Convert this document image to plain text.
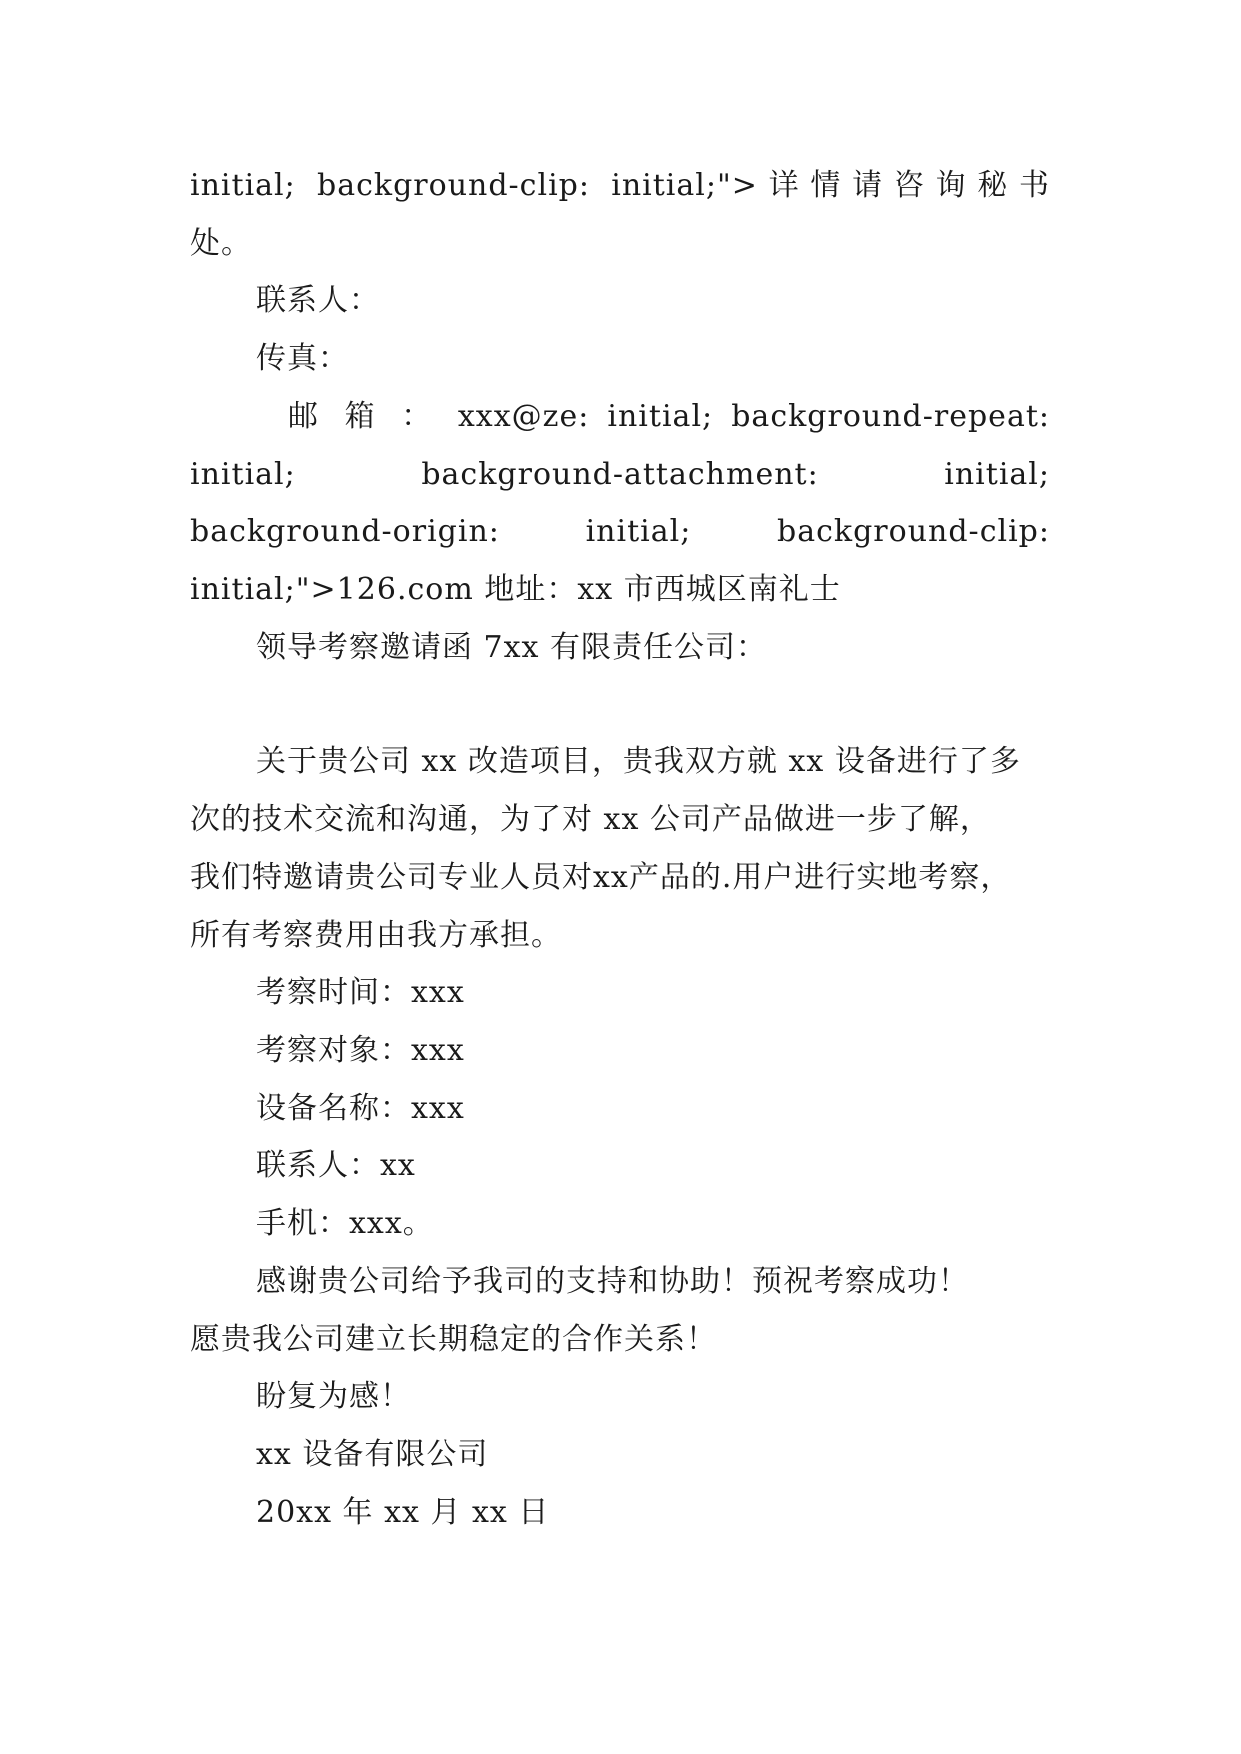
initial; background-clip: initial;">详情请咨询秘书
处。
联系人：
传真：
邮 箱 ： xxx@ze: initial; background-repeat:
initial; background-attachment: initial;
background-origin: initial; background-clip:
initial;">126.com 地址：xx 市西城区南礼士
领导考察邀请函 7xx 有限责任公司：
关于贵公司 xx 改造项目，贵我双方就 xx 设备进行了多
次的技术交流和沟通，为了对 xx 公司产品做进一步了解，
我们特邀请贵公司专业人员对xx产品的.用户进行实地考察，
所有考察费用由我方承担。
考察时间：xxx
考察对象：xxx
设备名称：xxx
联系人：xx
手机：xxx。
感谢贵公司给予我司的支持和协助！预祝考察成功！
愿贵我公司建立长期稳定的合作关系！
盼复为感！
xx 设备有限公司
20xx 年 xx 月 xx 日
